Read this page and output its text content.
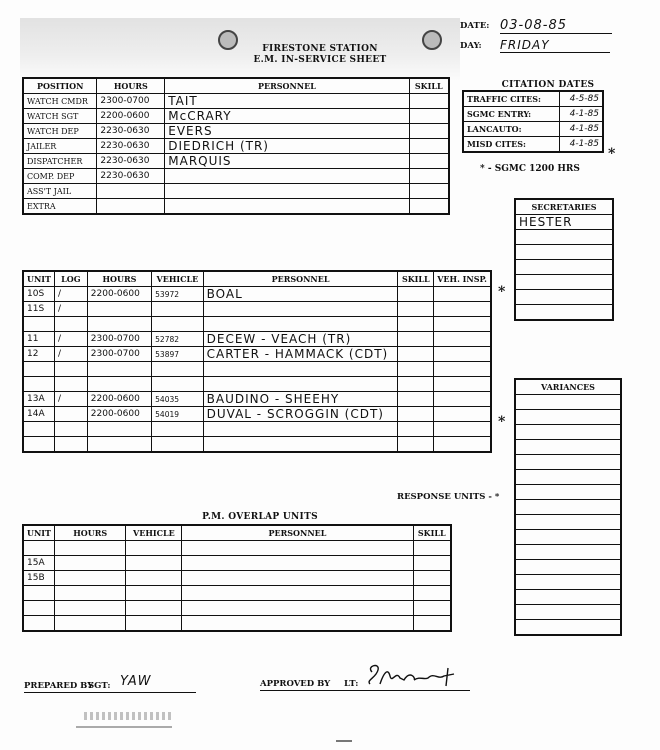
FIRESTONE STATION
E.M. IN-SERVICE SHEET
DATE: 03-08-85
DAY: FRIDAY
POSITION	HOURS	PERSONNEL	SKILL
WATCH CMDR	2300-0700	TAIT	
WATCH SGT	2200-0600	McCRARY	
WATCH DEP	2230-0630	EVERS	
JAILER	2230-0630	DIEDRICH (TR)	
DISPATCHER	2230-0630	MARQUIS	
COMP. DEP	2230-0630		
ASS'T JAIL			
EXTRA			
CITATION DATES
TRAFFIC CITES:	4-5-85
SGMC ENTRY:	4-1-85
LANCAUTO:	4-1-85
MISD CITES:	4-1-85
* - SGMC 1200 HRS
*
SECRETARIES
HESTER

UNIT	LOG	HOURS	VEHICLE	PERSONNEL	SKILL	VEH. INSP.
10S	/	2200-0600	53972	BOAL		
11S	/					

11	/	2300-0700	52782	DECEW - VEACH (TR)		
12	/	2300-0700	53897	CARTER - HAMMACK (CDT)		

13A	/	2200-0600	54035	BAUDINO - SHEEHY		
14A		2200-0600	54019	DUVAL - SCROGGIN (CDT)		

*
*
RESPONSE UNITS - *
VARIANCES

P.M. OVERLAP UNITS
UNIT	HOURS	VEHICLE	PERSONNEL	SKILL

15A				
15B				

PREPARED BY
SGT: YAW	APPROVED BY LT:
